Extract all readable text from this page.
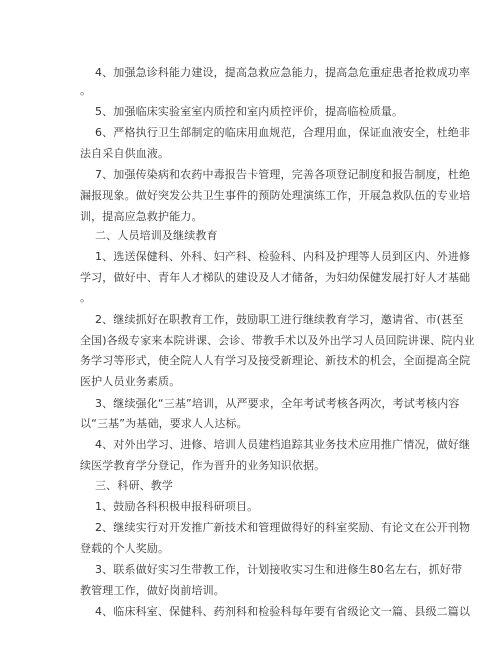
4、加强急诊科能力建设，提高急救应急能力，提高急危重症患者抢救成功率
。
5、加强临床实验室室内质控和室内质控评价，提高临检质量。
6、严格执行卫生部制定的临床用血规范，合理用血，保证血液安全，杜绝非
法自采自供血液。
7、加强传染病和农药中毒报告卡管理，完善各项登记制度和报告制度，杜绝
漏报现象。做好突发公共卫生事件的预防处理演练工作，开展急救队伍的专业培
训，提高应急救护能力。
二、人员培训及继续教育
1、选送保健科、外科、妇产科、检验科、内科及护理等人员到区内、外进修
学习，做好中、青年人才梯队的建设及人才储备，为妇幼保健发展打好人才基础
。
2、继续抓好在职教育工作，鼓励职工进行继续教育学习，邀请省、市(甚至
全国)各级专家来本院讲课、会诊、带教手术以及外出学习人员回院讲课、院内业
务学习等形式，使全院人人有学习及接受新理论、新技术的机会，全面提高全院
医护人员业务素质。
3、继续强化“三基”培训，从严要求，全年考试考核各两次，考试考核内容
以“三基”为基础，要求人人达标。
4、对外出学习、进修、培训人员建档追踪其业务技术应用推广情况，做好继
续医学教育学分登记，作为晋升的业务知识依据。
三、科研、教学
1、鼓励各科积极申报科研项目。
2、继续实行对开发推广新技术和管理做得好的科室奖励、有论文在公开刊物
登载的个人奖励。
3、联系做好实习生带教工作，计划接收实习生和进修生80名左右，抓好带
教管理工作，做好岗前培训。
4、临床科室、保健科、药剂科和检验科每年要有省级论文一篇、县级二篇以
